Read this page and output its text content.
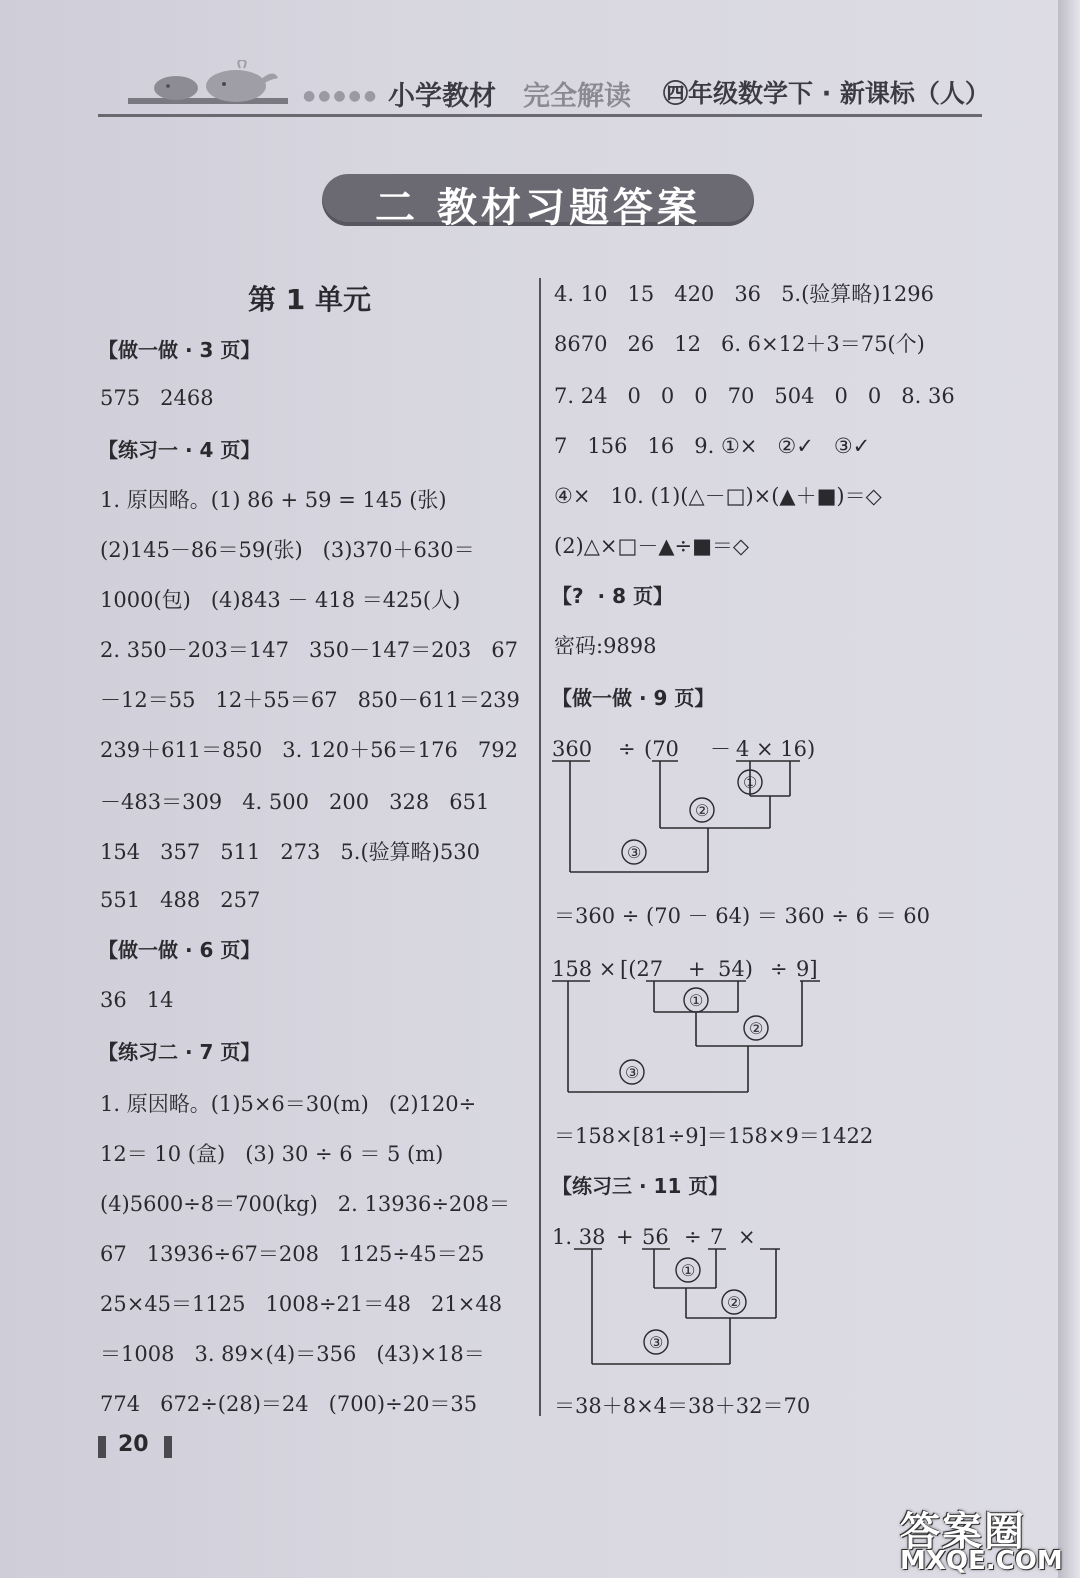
●●●●● 小学教材 完全解读 ㊃年级数学下 · 新课标（人）
二 教材习题答案
第 1 单元
【做一做 · 3 页】
575   2468
【练习一 · 4 页】
1. 原因略。(1) 86 + 59 = 145 (张)
(2)145－86＝59(张)   (3)370＋630＝
1000(包)   (4)843 － 418 ＝425(人)
2. 350－203＝147   350－147＝203   67
－12＝55   12＋55＝67   850－611＝239
239＋611＝850   3. 120＋56＝176   792
－483＝309   4. 500   200   328   651
154   357   511   273   5.(验算略)530
551   488   257
【做一做 · 6 页】
36   14
【练习二 · 7 页】
1. 原因略。(1)5×6＝30(m)   (2)120÷
12＝ 10 (盒)   (3) 30 ÷ 6 ＝ 5 (m)
(4)5600÷8＝700(kg)   2. 13936÷208＝
67   13936÷67＝208   1125÷45＝25
25×45＝1125   1008÷21＝48   21×48
＝1008   3. 89×(4)＝356   (43)×18＝
774   672÷(28)＝24   (700)÷20＝35
4. 10   15   420   36   5.(验算略)1296
8670   26   12   6. 6×12＋3＝75(个)
7. 24   0   0   0   70   504   0   0   8. 36
7   156   16   9. ①×   ②✓   ③✓
④×   10. (1)(△－□)×(▲＋■)＝◇
(2)△×□－▲÷■＝◇
【?  · 8 页】
密码:9898
【做一做 · 9 页】
360 ÷ (70 － 4 × 16)
①
②
③
＝360 ÷ (70 － 64) ＝ 360 ÷ 6 ＝ 60
158 × [(27 + 54) ÷ 9]
①
②
③
＝158×[81÷9]＝158×9＝1422
【练习三 · 11 页】
1. 38 + 56 ÷ 7 ×
①
②
③
＝38＋8×4＝38＋32＝70
20
答案圈
MXQE.COM
